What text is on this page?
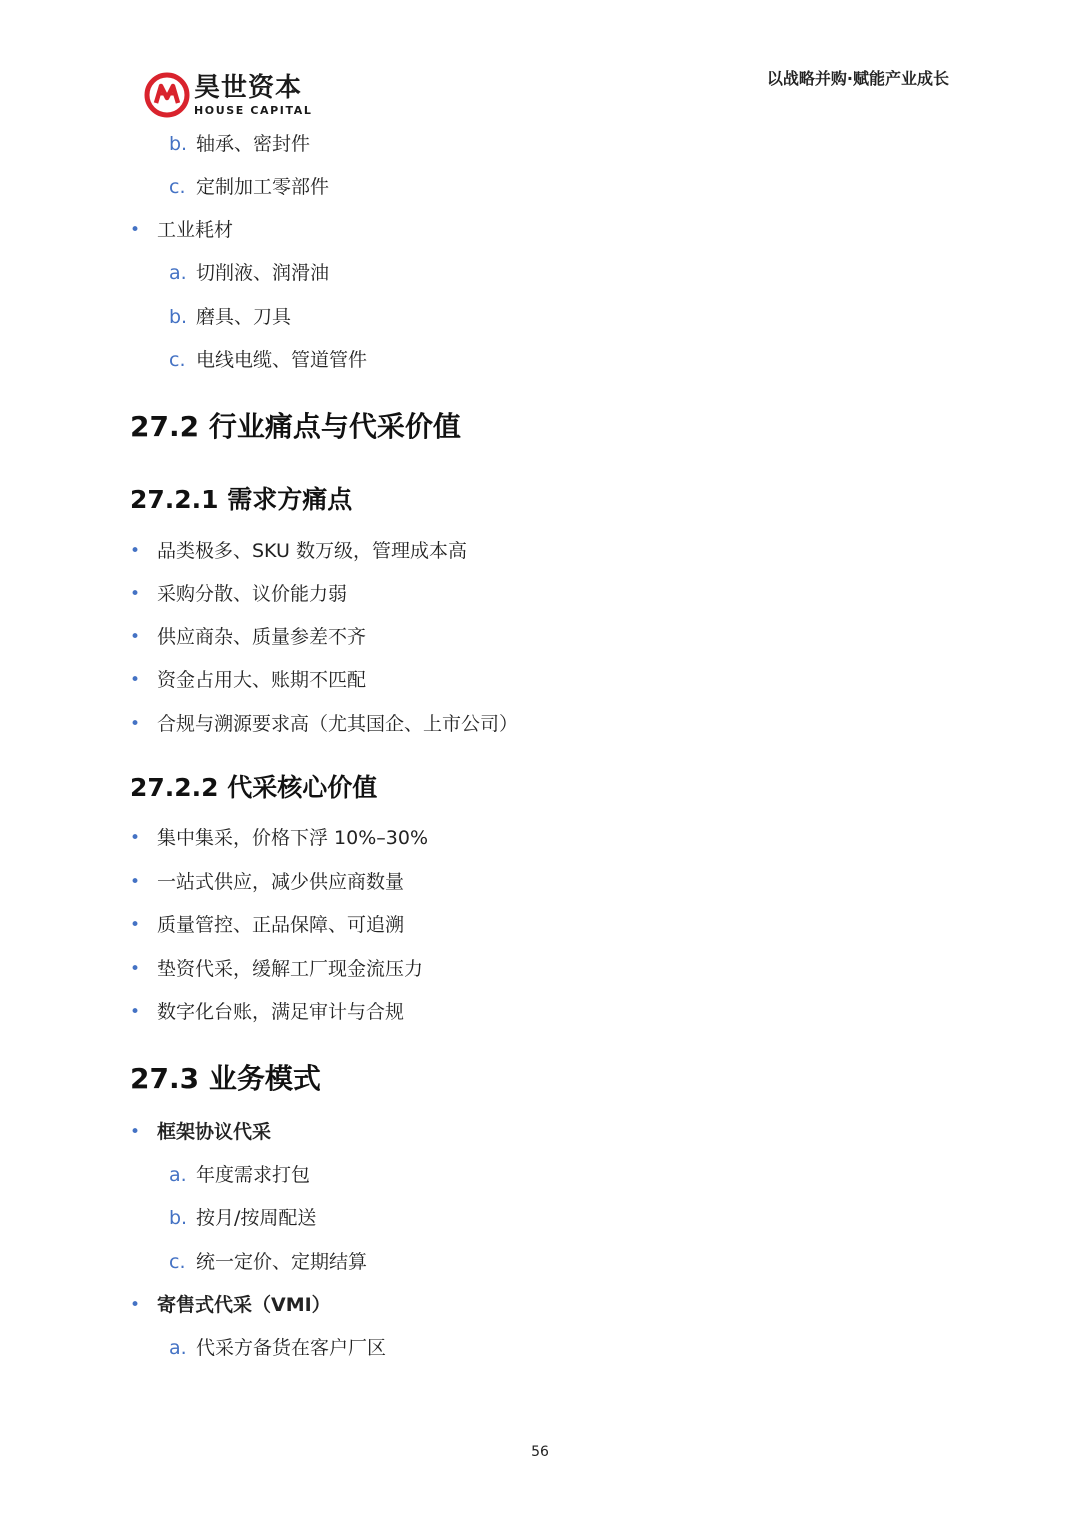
昊世资本
HOUSE CAPITAL
以战略并购·赋能产业成长
b. 轴承、密封件
c. 定制加工零部件
• 工业耗材
a. 切削液、润滑油
b. 磨具、刀具
c. 电线电缆、管道管件
27.2 行业痛点与代采价值
27.2.1 需求方痛点
• 品类极多、SKU 数万级，管理成本高
• 采购分散、议价能力弱
• 供应商杂、质量参差不齐
• 资金占用大、账期不匹配
• 合规与溯源要求高（尤其国企、上市公司）
27.2.2 代采核心价值
• 集中集采，价格下浮 10%–30%
• 一站式供应，减少供应商数量
• 质量管控、正品保障、可追溯
• 垫资代采，缓解工厂现金流压力
• 数字化台账，满足审计与合规
27.3 业务模式
• 框架协议代采
a. 年度需求打包
b. 按月/按周配送
c. 统一定价、定期结算
• 寄售式代采（VMI）
a. 代采方备货在客户厂区
56
